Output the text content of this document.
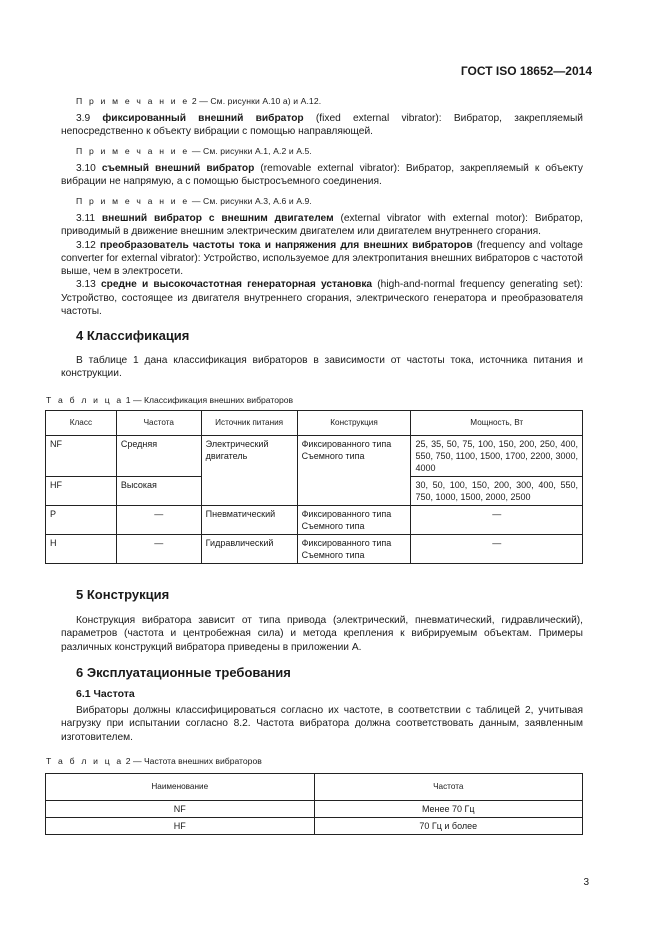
ГОСТ ISO 18652—2014
П р и м е ч а н и е 2 — См. рисунки А.10 а) и А.12.
3.9 фиксированный внешний вибратор (fixed external vibrator): Вибратор, закрепляемый непосредственно к объекту вибрации с помощью направляющей.
П р и м е ч а н и е — См. рисунки А.1, А.2 и А.5.
3.10 съемный внешний вибратор (removable external vibrator): Вибратор, закрепляемый к объекту вибрации не напрямую, а с помощью быстросъемного соединения.
П р и м е ч а н и е — См. рисунки А.3, А.6 и А.9.
3.11 внешний вибратор с внешним двигателем (external vibrator with external motor): Вибратор, приводимый в движение внешним электрическим двигателем или двигателем внутреннего сгорания.
3.12 преобразователь частоты тока и напряжения для внешних вибраторов (frequency and voltage converter for external vibrator): Устройство, используемое для электропитания внешних вибраторов с частотой выше, чем в электросети.
3.13 средне и высокочастотная генераторная установка (high-and-normal frequency generating set): Устройство, состоящее из двигателя внутреннего сгорания, электрического генератора и преобразователя частоты.
4 Классификация
В таблице 1 дана классификация вибраторов в зависимости от частоты тока, источника питания и конструкции.
Т а б л и ц а 1 — Классификация внешних вибраторов
Класс	Частота	Источник питания	Конструкция	Мощность, Вт
NF	Средняя	Электрический двигатель	Фиксированного типа Съемного типа	25, 35, 50, 75, 100, 150, 200, 250, 400, 550, 750, 1100, 1500, 1700, 2200, 3000, 4000
HF	Высокая			30, 50, 100, 150, 200, 300, 400, 550, 750, 1000, 1500, 2000, 2500
P	—	Пневматический	Фиксированного типа Съемного типа	—
H	—	Гидравлический	Фиксированного типа Съемного типа	—
5 Конструкция
Конструкция вибратора зависит от типа привода (электрический, пневматический, гидравлический), параметров (частота и центробежная сила) и метода крепления к вибрируемым объектам. Примеры различных конструкций вибратора приведены в приложении А.
6 Эксплуатационные требования
6.1 Частота
Вибраторы должны классифицироваться согласно их частоте, в соответствии с таблицей 2, учитывая нагрузку при испытании согласно 8.2. Частота вибратора должна соответствовать данным, заявленным изготовителем.
Т а б л и ц а 2 — Частота внешних вибраторов
Наименование	Частота
NF	Менее 70 Гц
HF	70 Гц и более
3
